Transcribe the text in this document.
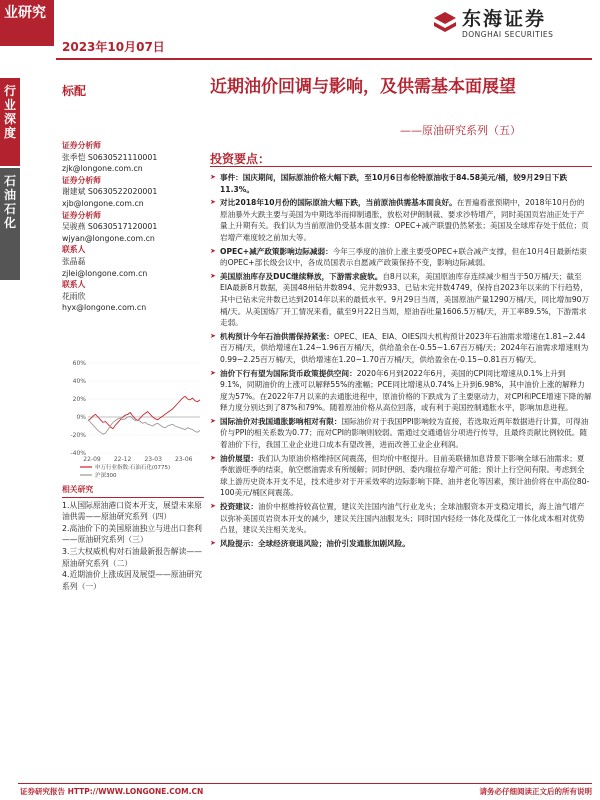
业研究
2023年10月07日
东海证券
DONGHAI SECURITIES
行
业
深
度
石
油
石
化
标配	近期油价回调与影响，及供需基本面展望
——原油研究系列（五）
证券分析师
张季恺 S0630521110001
zjk@longone.com.cn
证券分析师
谢建斌 S0630522020001
xjb@longone.com.cn
证券分析师
吴骏燕 S0630517120001
wjyan@longone.com.cn
联系人
张晶磊
zjlei@longone.com.cn
联系人
花雨欣
hyx@longone.com.cn
60%
40%
20%
0%
-20%
-40%
22-09 22-12 23-03 23-06
申万行业指数:石油石化(0775)
沪深300
相关研究
1.从国际原油港口资本开支，展望未来原油供需——原油研究系列（四）
2.高油价下的美国原油独立与进出口套利——原油研究系列（三）
3.三大权威机构对石油最新报告解读——原油研究系列（二）
4.近期油价上涨成因及展望——原油研究系列（一）
投资要点：
➤ 事件：国庆期间，国际原油价格大幅下跌，至10月6日布伦特原油收于84.58美元/桶，较9月29日下跌11.3%。
➤ 对比2018年10月份的国际原油大幅下跌，当前原油供需基本面良好。在晋遍看涨预期中，2018年10月份的原油暴外大跌主要与美国为中期选举而抑制通胀，放松对伊朗制裁、要求沙特增产，同时美国页岩油正处于产量上升期有关。我们认为当前原油仍受基本面支撑：OPEC+减产联盟仍然紧张；美国及全球库存处于低位；页岩增产难度较之前加大等。
➤ OPEC+减产政策影响边际减弱：今年三季度的油价上涨主要受OPEC+联合减产支撑，但在10月4日最新结束的OPEC+部长级会议中，各成员国表示自愿减产政策保持不变，影响边际减弱。
➤ 美国原油库存及DUC继续释放，下游需求疲软。自8月以来，美国原油库存连续减少相当于50万桶/天；截至EIA最新8月数据，美国48州钻井数894、完井数933、已钻未完井数4749，保持自2023年以来的下行趋势，其中已钻未完井数已达到2014年以来的最低水平。9月29日当周，美国原油产量1290万桶/天，同比增加90万桶/天。从美国炼厂开工情况来看，截至9月22日当周，原油吞吐量1606.5万桶/天，开工率89.5%，下游需求走弱。
➤ 机构预计今年石油供需保持紧张：OPEC、IEA、EIA、OIES四大机构预计2023年石油需求增速在1.81~2.44百万桶/天，供给增速在1.24~1.96百万桶/天，供给盈余在-0.55~1.67百万桶/天；2024年石油需求增速则为0.99~2.25百万桶/天，供给增速在1.20~1.70百万桶/天，供给盈余在-0.15~0.81百万桶/天。
➤ 油价下行有望为国际货币政策提供空间：2020年6月到2022年6月，美国的CPI同比增速从0.1%上升到9.1%，同期油价的上涨可以解释55%的涨幅；PCE同比增速从0.74%上升到6.98%，其中油价上涨的解释力度为57%。在2022年7月以来的去通胀进程中，原油价格的下跌成为了主要驱动力，对CPI和PCE增速下降的解释力度分别达到了87%和79%。随着原油价格从高位回落，或有利于美国控制通胀水平，影响加息进程。
➤ 国际油价对我国通胀影响相对有限：国际油价对于我国PPI影响较为直接，若选取近两年数据进行计算，可得油价与PPI的相关系数为0.77；而对CPI的影响则较弱。需通过交通通信分项进行传导，且最终贡献比例较低。随着油价下行，我国工业企业进口成本有望改善，进而改善工业企业利润。
➤ 油价展望：我们认为原油价格维持区间震荡，但均价中枢提升。目前美联储加息背景下影响全球石油需求；夏季旅游旺季的结束，航空燃油需求有所缓解；同时伊朗、委内瑞拉存增产可能；预计上行空间有限。考虑到全球上游历史资本开支不足，技术进步对于开采效率的边际影响下降、油井老化等因素，预计油价将在中高位80-100美元/桶区间震荡。
➤ 投资建议：油价中枢维持较高位置，建议关注国内油气行业龙头；全球油服资本开支稳定增长，海上油气增产以弥补美国页岩资本开支的减少，建议关注国内油服龙头；同时国内轻烃一体化及煤化工一体化成本相对优势凸显，建议关注相关龙头。
➤ 风险提示：全球经济衰退风险；油价引发通胀加剧风险。
证券研究报告 HTTP://WWW.LONGONE.COM.CN	请务必仔细阅读正文后的所有说明
